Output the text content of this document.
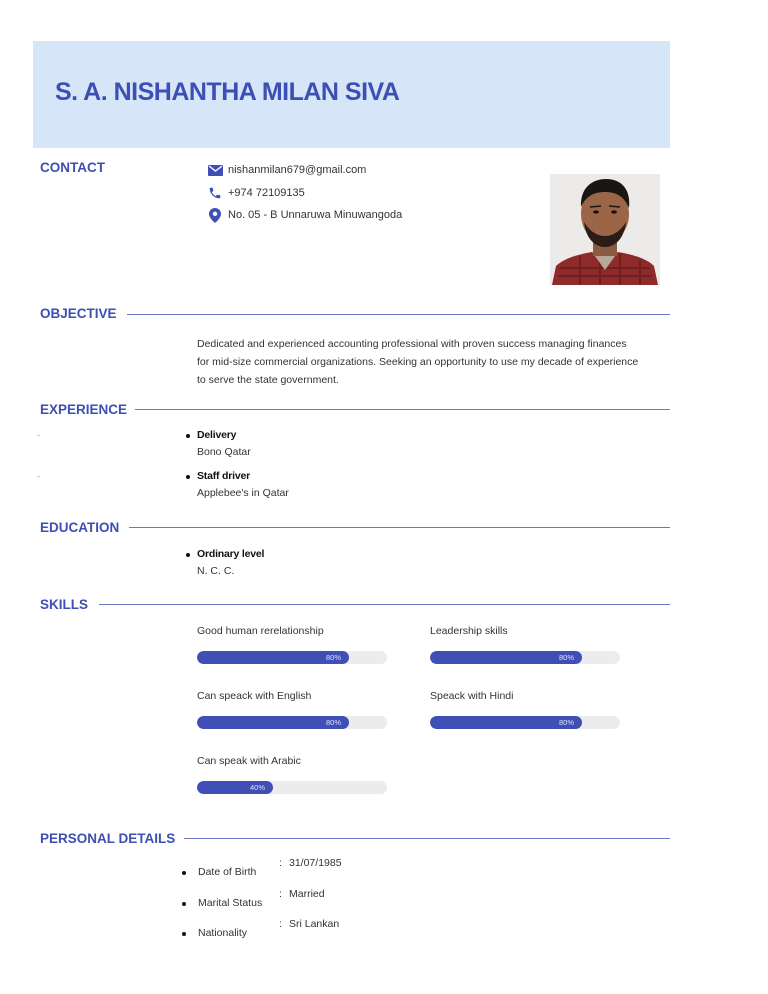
S. A. NISHANTHA MILAN SIVA
CONTACT	nishanmilan679@gmail.com
+974 72109135
No. 05 - B Unnaruwa Minuwangoda
OBJECTIVE
Dedicated and experienced accounting professional with proven success managing finances
for mid-size commercial organizations. Seeking an opportunity to use my decade of experience
to serve the state government.
EXPERIENCE
Delivery
Bono Qatar
Staff driver
Applebee's in Qatar
EDUCATION
Ordinary level
N. C. C.
SKILLS
Good human rerelationship
80%
Leadership skills
80%
Can speack with English
80%
Speack with Hindi
80%
Can speak with Arabic
40%
PERSONAL DETAILS
Date of Birth
: 31/07/1985
Marital Status
: Married
Nationality
: Sri Lankan
